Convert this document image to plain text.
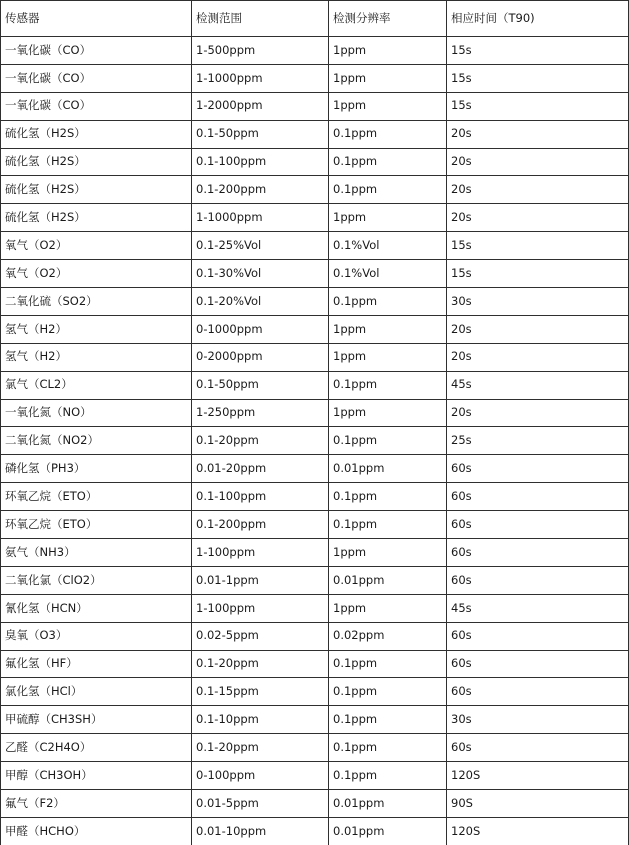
传感器	检测范围	检测分辨率	相应时间（T90)
一氧化碳（CO）	1-500ppm	1ppm	15s
一氧化碳（CO）	1-1000ppm	1ppm	15s
一氧化碳（CO）	1-2000ppm	1ppm	15s
硫化氢（H2S）	0.1-50ppm	0.1ppm	20s
硫化氢（H2S）	0.1-100ppm	0.1ppm	20s
硫化氢（H2S）	0.1-200ppm	0.1ppm	20s
硫化氢（H2S）	1-1000ppm	1ppm	20s
氧气（O2）	0.1-25%Vol	0.1%Vol	15s
氧气（O2）	0.1-30%Vol	0.1%Vol	15s
二氧化硫（SO2）	0.1-20%Vol	0.1ppm	30s
氢气（H2）	0-1000ppm	1ppm	20s
氢气（H2）	0-2000ppm	1ppm	20s
氯气（CL2）	0.1-50ppm	0.1ppm	45s
一氧化氮（NO）	1-250ppm	1ppm	20s
二氧化氮（NO2）	0.1-20ppm	0.1ppm	25s
磷化氢（PH3）	0.01-20ppm	0.01ppm	60s
环氧乙烷（ETO）	0.1-100ppm	0.1ppm	60s
环氧乙烷（ETO）	0.1-200ppm	0.1ppm	60s
氨气（NH3）	1-100ppm	1ppm	60s
二氧化氯（ClO2）	0.01-1ppm	0.01ppm	60s
氰化氢（HCN）	1-100ppm	1ppm	45s
臭氧（O3）	0.02-5ppm	0.02ppm	60s
氟化氢（HF）	0.1-20ppm	0.1ppm	60s
氯化氢（HCl）	0.1-15ppm	0.1ppm	60s
甲硫醇（CH3SH）	0.1-10ppm	0.1ppm	30s
乙醛（C2H4O）	0.1-20ppm	0.1ppm	60s
甲醇（CH3OH）	0-100ppm	0.1ppm	120S
氟气（F2）	0.01-5ppm	0.01ppm	90S
甲醛（HCHO）	0.01-10ppm	0.01ppm	120S
